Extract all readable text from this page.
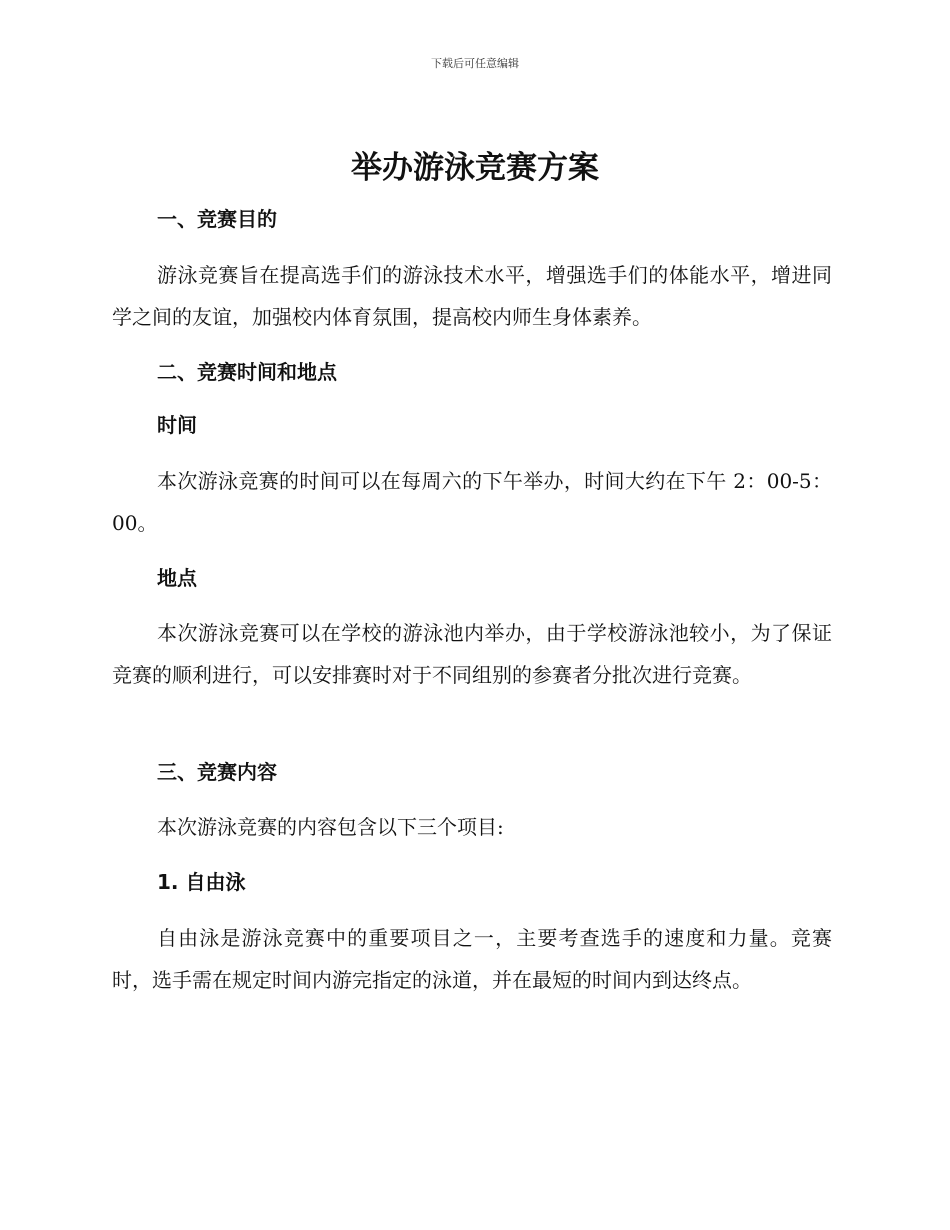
下载后可任意编辑
举办游泳竞赛方案
一、竞赛目的

游泳竞赛旨在提高选手们的游泳技术水平，增强选手们的体能水平，增进同学之间的友谊，加强校内体育氛围，提高校内师生身体素养。

二、竞赛时间和地点
时间

本次游泳竞赛的时间可以在每周六的下午举办，时间大约在下午 2：00-5：00。

地点

本次游泳竞赛可以在学校的游泳池内举办，由于学校游泳池较小，为了保证竞赛的顺利进行，可以安排赛时对于不同组别的参赛者分批次进行竞赛。

三、竞赛内容

本次游泳竞赛的内容包含以下三个项目:

1. 自由泳

自由泳是游泳竞赛中的重要项目之一，主要考查选手的速度和力量。竞赛时，选手需在规定时间内游完指定的泳道，并在最短的时间内到达终点。
